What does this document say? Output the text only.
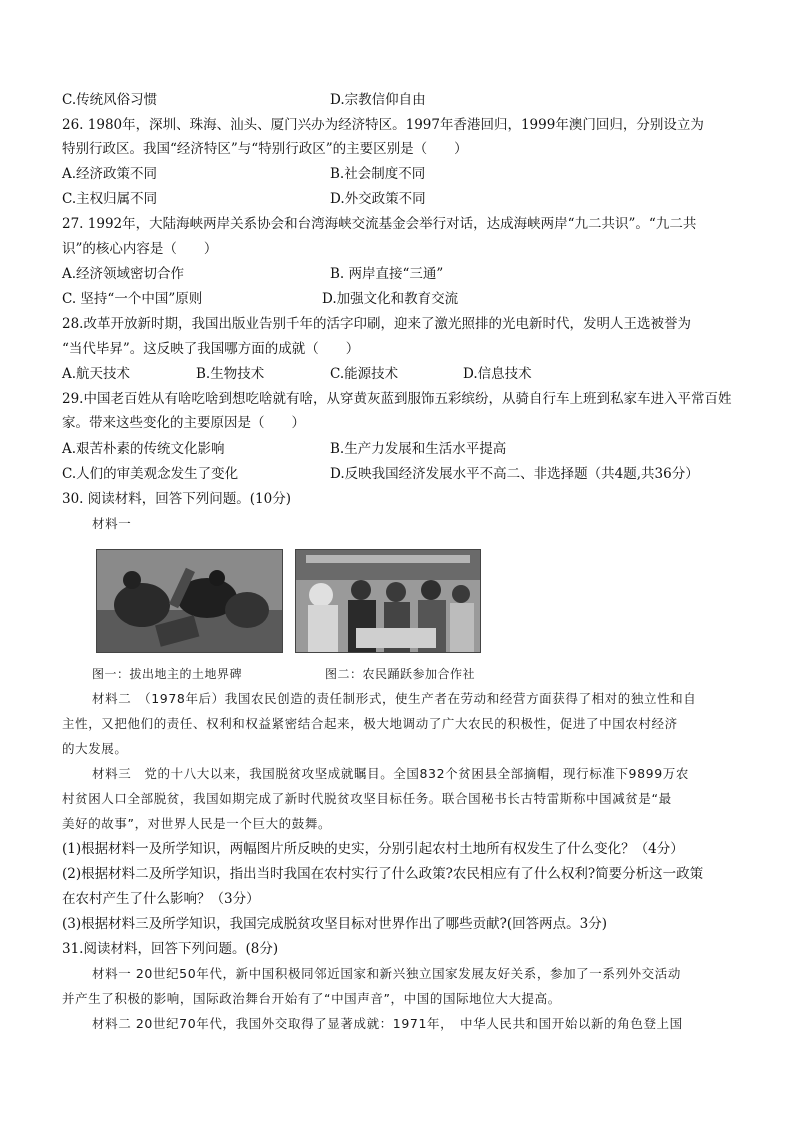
C.传统风俗习惯	D.宗教信仰自由
26. 1980年，深圳、珠海、汕头、厦门兴办为经济特区。1997年香港回归，1999年澳门回归，分别设立为
特别行政区。我国“经济特区”与“特别行政区”的主要区别是（　　）
A.经济政策不同	B.社会制度不同
C.主权归属不同	D.外交政策不同
27. 1992年，大陆海峡两岸关系协会和台湾海峡交流基金会举行对话，达成海峡两岸“九二共识”。“九二共
识”的核心内容是（　　）
A.经济领域密切合作	B. 两岸直接“三通”
C. 坚持“一个中国”原则	D.加强文化和教育交流
28.改革开放新时期，我国出版业告别千年的活字印刷，迎来了激光照排的光电新时代，发明人王选被誉为
“当代毕昇”。这反映了我国哪方面的成就（　　）
A.航天技术	B.生物技术	C.能源技术	D.信息技术
29.中国老百姓从有啥吃啥到想吃啥就有啥，从穿黄灰蓝到服饰五彩缤纷，从骑自行车上班到私家车进入平常百姓
家。带来这些变化的主要原因是（　　）
A.艰苦朴素的传统文化影响	B.生产力发展和生活水平提高
C.人们的审美观念发生了变化	D.反映我国经济发展水平不高二、非选择题（共4题,共36分）
30. 阅读材料，回答下列问题。(10分)
材料一
图一：拔出地主的土地界碑	图二：农民踊跃参加合作社
材料二　（1978年后）我国农民创造的责任制形式，使生产者在劳动和经营方面获得了相对的独立性和自
主性，又把他们的责任、权利和权益紧密结合起来，极大地调动了广大农民的积极性，促进了中国农村经济
的大发展。
材料三　党的十八大以来，我国脱贫攻坚成就瞩目。全国832个贫困县全部摘帽，现行标准下9899万农
村贫困人口全部脱贫，我国如期完成了新时代脱贫攻坚目标任务。联合国秘书长古特雷斯称中国减贫是“最
美好的故事”，对世界人民是一个巨大的鼓舞。
(1)根据材料一及所学知识，两幅图片所反映的史实，分别引起农村土地所有权发生了什么变化？（4分）
(2)根据材料二及所学知识，指出当时我国在农村实行了什么政策?农民相应有了什么权利?简要分析这一政策
在农村产生了什么影响？（3分）
(3)根据材料三及所学知识，我国完成脱贫攻坚目标对世界作出了哪些贡献?(回答两点。3分)
31.阅读材料，回答下列问题。(8分)
材料一 20世纪50年代，新中国积极同邻近国家和新兴独立国家发展友好关系，参加了一系列外交活动
并产生了积极的影响，国际政治舞台开始有了“中国声音”，中国的国际地位大大提高。
材料二 20世纪70年代，我国外交取得了显著成就：1971年，　中华人民共和国开始以新的角色登上国
